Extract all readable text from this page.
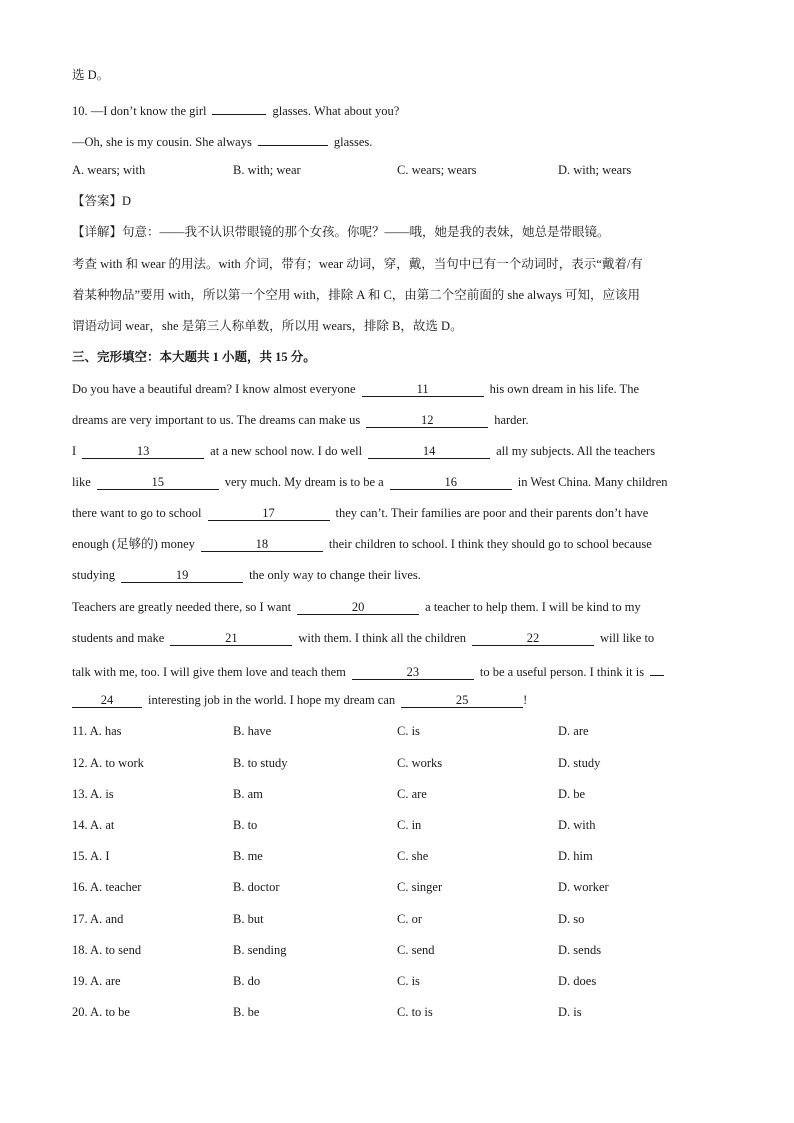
选 D。
10. —I don’t know the girl	glasses. What about you?
—Oh, she is my cousin. She always	glasses.
A. wears; with	B. with; wear	C. wears; wears	D. with; wears
【答案】D
【详解】句意：——我不认识带眼镜的那个女孩。你呢？——哦，她是我的表妹，她总是带眼镜。
考查 with 和 wear 的用法。with 介词，带有；wear 动词，穿，戴，当句中已有一个动词时，表示“戴着/有
着某种物品”要用 with，所以第一个空用 with，排除 A 和 C，由第二个空前面的 she always 可知，应该用
谓语动词 wear，she 是第三人称单数，所以用 wears，排除 B，故选 D。
三、完形填空：本大题共 1 小题，共 15 分。
Do you have a beautiful dream? I know almost everyone	11	his own dream in his life. The
dreams are very important to us. The dreams can make us	12	harder.
I	13	at a new school now. I do well	14	all my subjects. All the teachers
like	15	very much. My dream is to be a	16	in West China. Many children
there want to go to school	17	they can’t. Their families are poor and their parents don’t have
enough (足够的) money	18	their children to school. I think they should go to school because
studying	19	the only way to change their lives.
Teachers are greatly needed there, so I want	20	a teacher to help them. I will be kind to my
students and make	21	with them. I think all the children	22	will like to
talk with me, too. I will give them love and teach them	23	to be a useful person. I think it is
24	interesting job in the world. I hope my dream can	25	!
11. A. has	B. have	C. is	D. are
12. A. to work	B. to study	C. works	D. study
13. A. is	B. am	C. are	D. be
14. A. at	B. to	C. in	D. with
15. A. I	B. me	C. she	D. him
16. A. teacher	B. doctor	C. singer	D. worker
17. A. and	B. but	C. or	D. so
18. A. to send	B. sending	C. send	D. sends
19. A. are	B. do	C. is	D. does
20. A. to be	B. be	C. to is	D. is
